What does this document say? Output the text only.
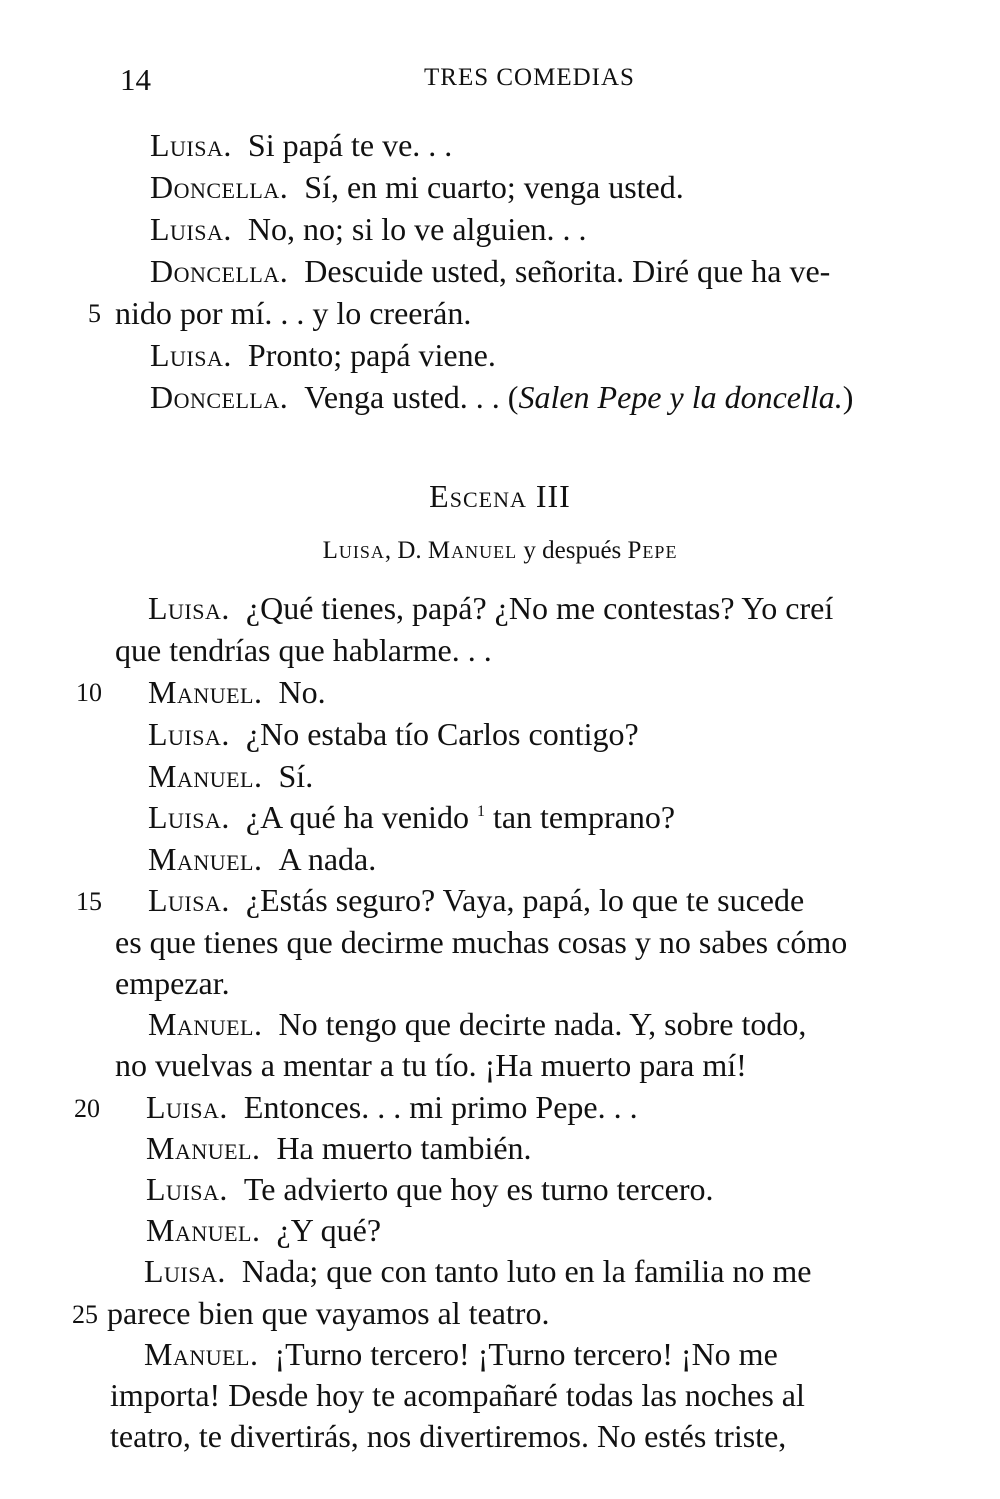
14	TRES COMEDIAS
Luisa. Si papá te ve. . .
Doncella. Sí, en mi cuarto; venga usted.
Luisa. No, no; si lo ve alguien. . .
Doncella. Descuide usted, señorita. Diré que ha ve-
5 nido por mí. . . y lo creerán.
Luisa. Pronto; papá viene.
Doncella. Venga usted. . . (Salen Pepe y la doncella.)
Escena III
Luisa, D. Manuel y después Pepe
Luisa. ¿Qué tienes, papá? ¿No me contestas? Yo creí
que tendrías que hablarme. . .
10 Manuel. No.
Luisa. ¿No estaba tío Carlos contigo?
Manuel. Sí.
Luisa. ¿A qué ha venido $^1$ tan temprano?
Manuel. A nada.
15 Luisa. ¿Estás seguro? Vaya, papá, lo que te sucede
es que tienes que decirme muchas cosas y no sabes cómo
empezar.
Manuel. No tengo que decirte nada. Y, sobre todo,
no vuelvas a mentar a tu tío. ¡Ha muerto para mí!
20 Luisa. Entonces. . . mi primo Pepe. . .
Manuel. Ha muerto también.
Luisa. Te advierto que hoy es turno tercero.
Manuel. ¿Y qué?
Luisa. Nada; que con tanto luto en la familia no me
25 parece bien que vayamos al teatro.
Manuel. ¡Turno tercero! ¡Turno tercero! ¡No me
importa! Desde hoy te acompañaré todas las noches al
teatro, te divertirás, nos divertiremos. No estés triste,
